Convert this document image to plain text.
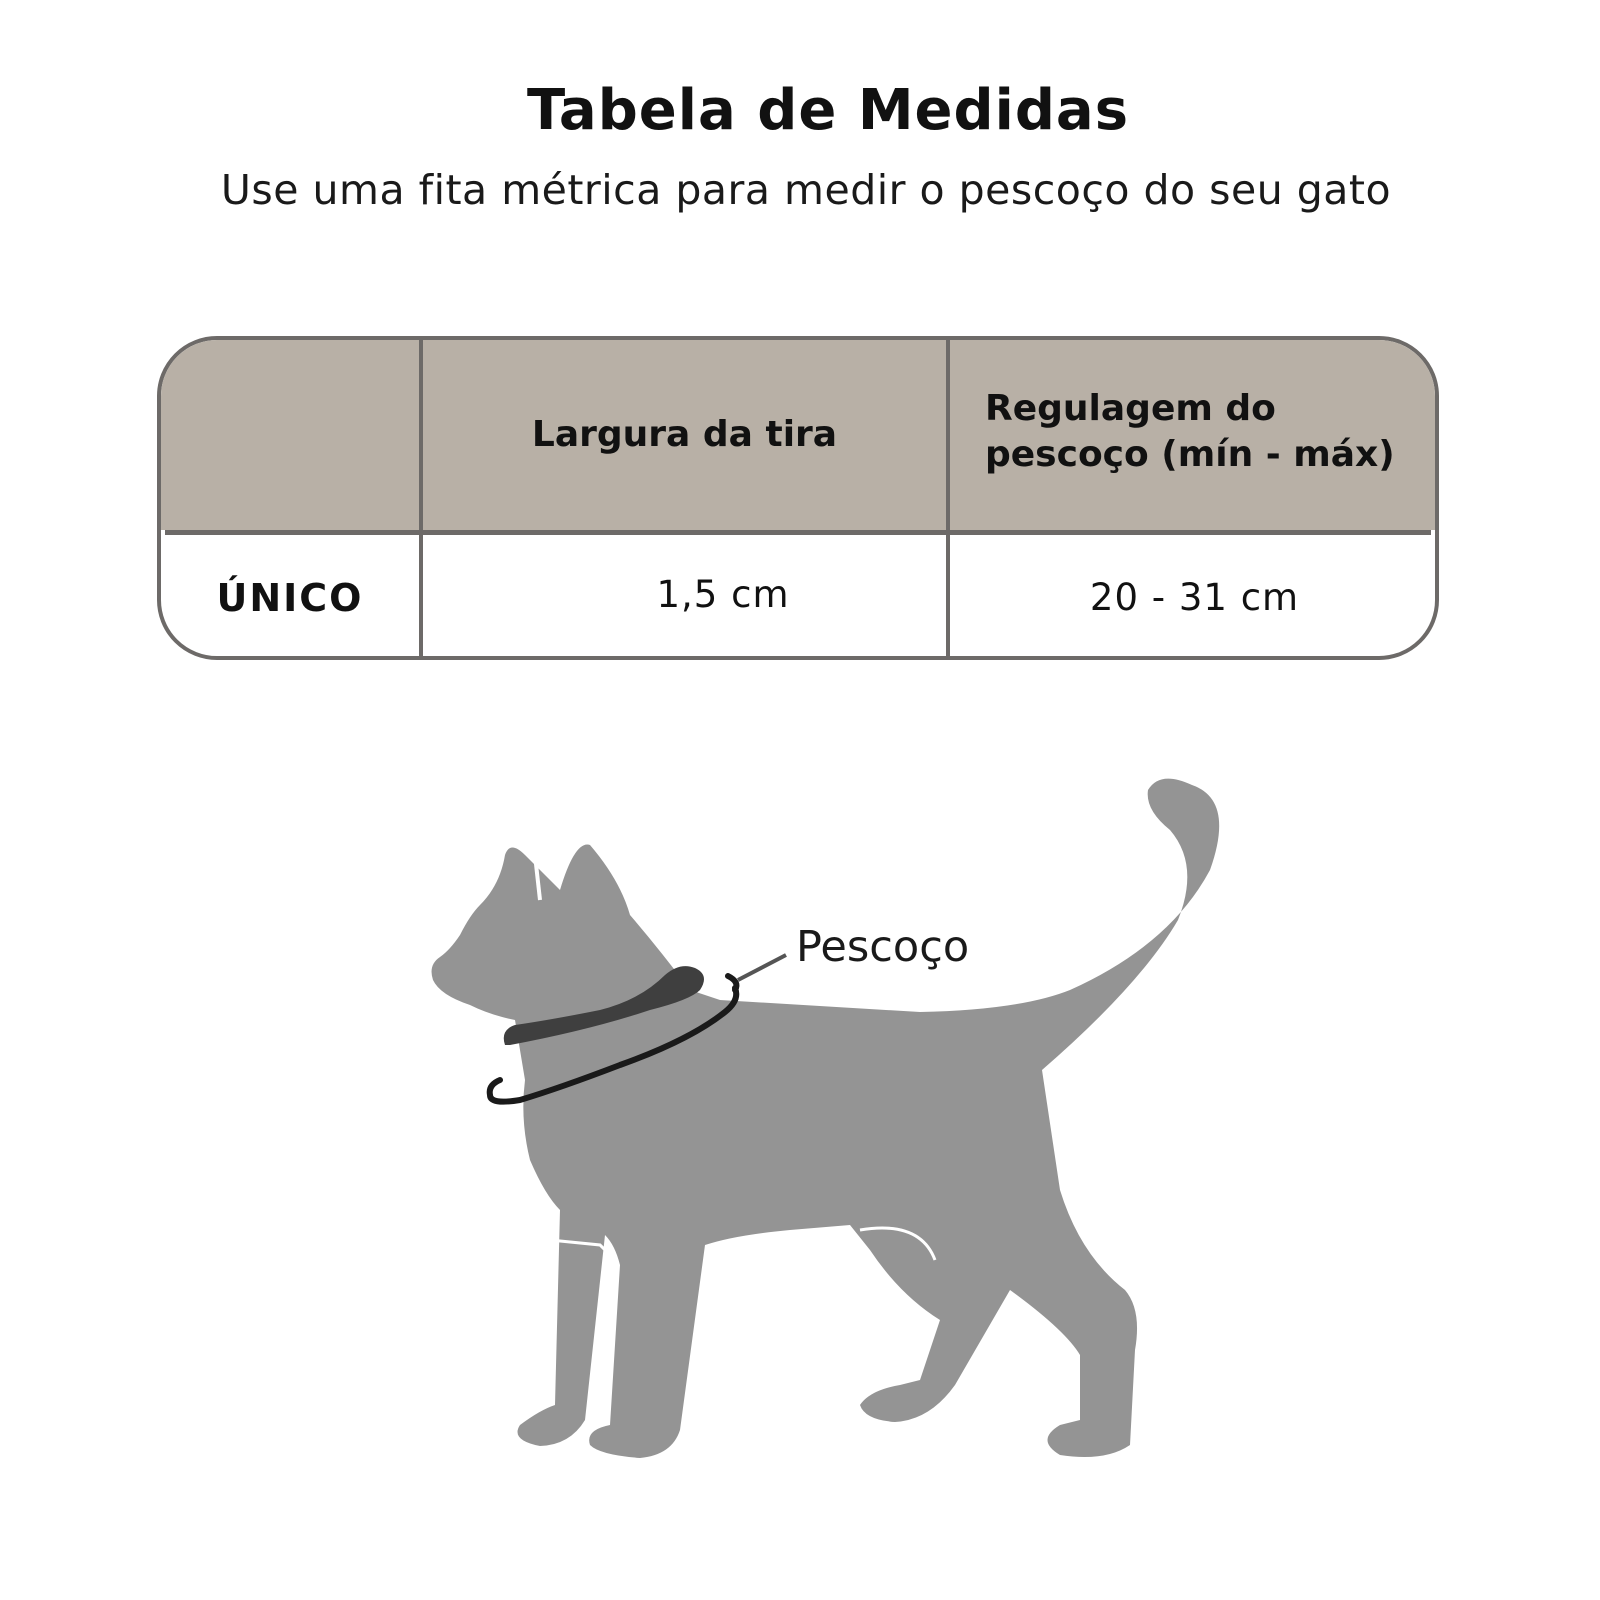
Tabela de Medidas

Use uma fita métrica para medir o pescoço do seu gato

Largura da tira
Regulagem do
pescoço (mín - máx)
ÚNICO	1,5 cm	20 - 31 cm
Pescoço
